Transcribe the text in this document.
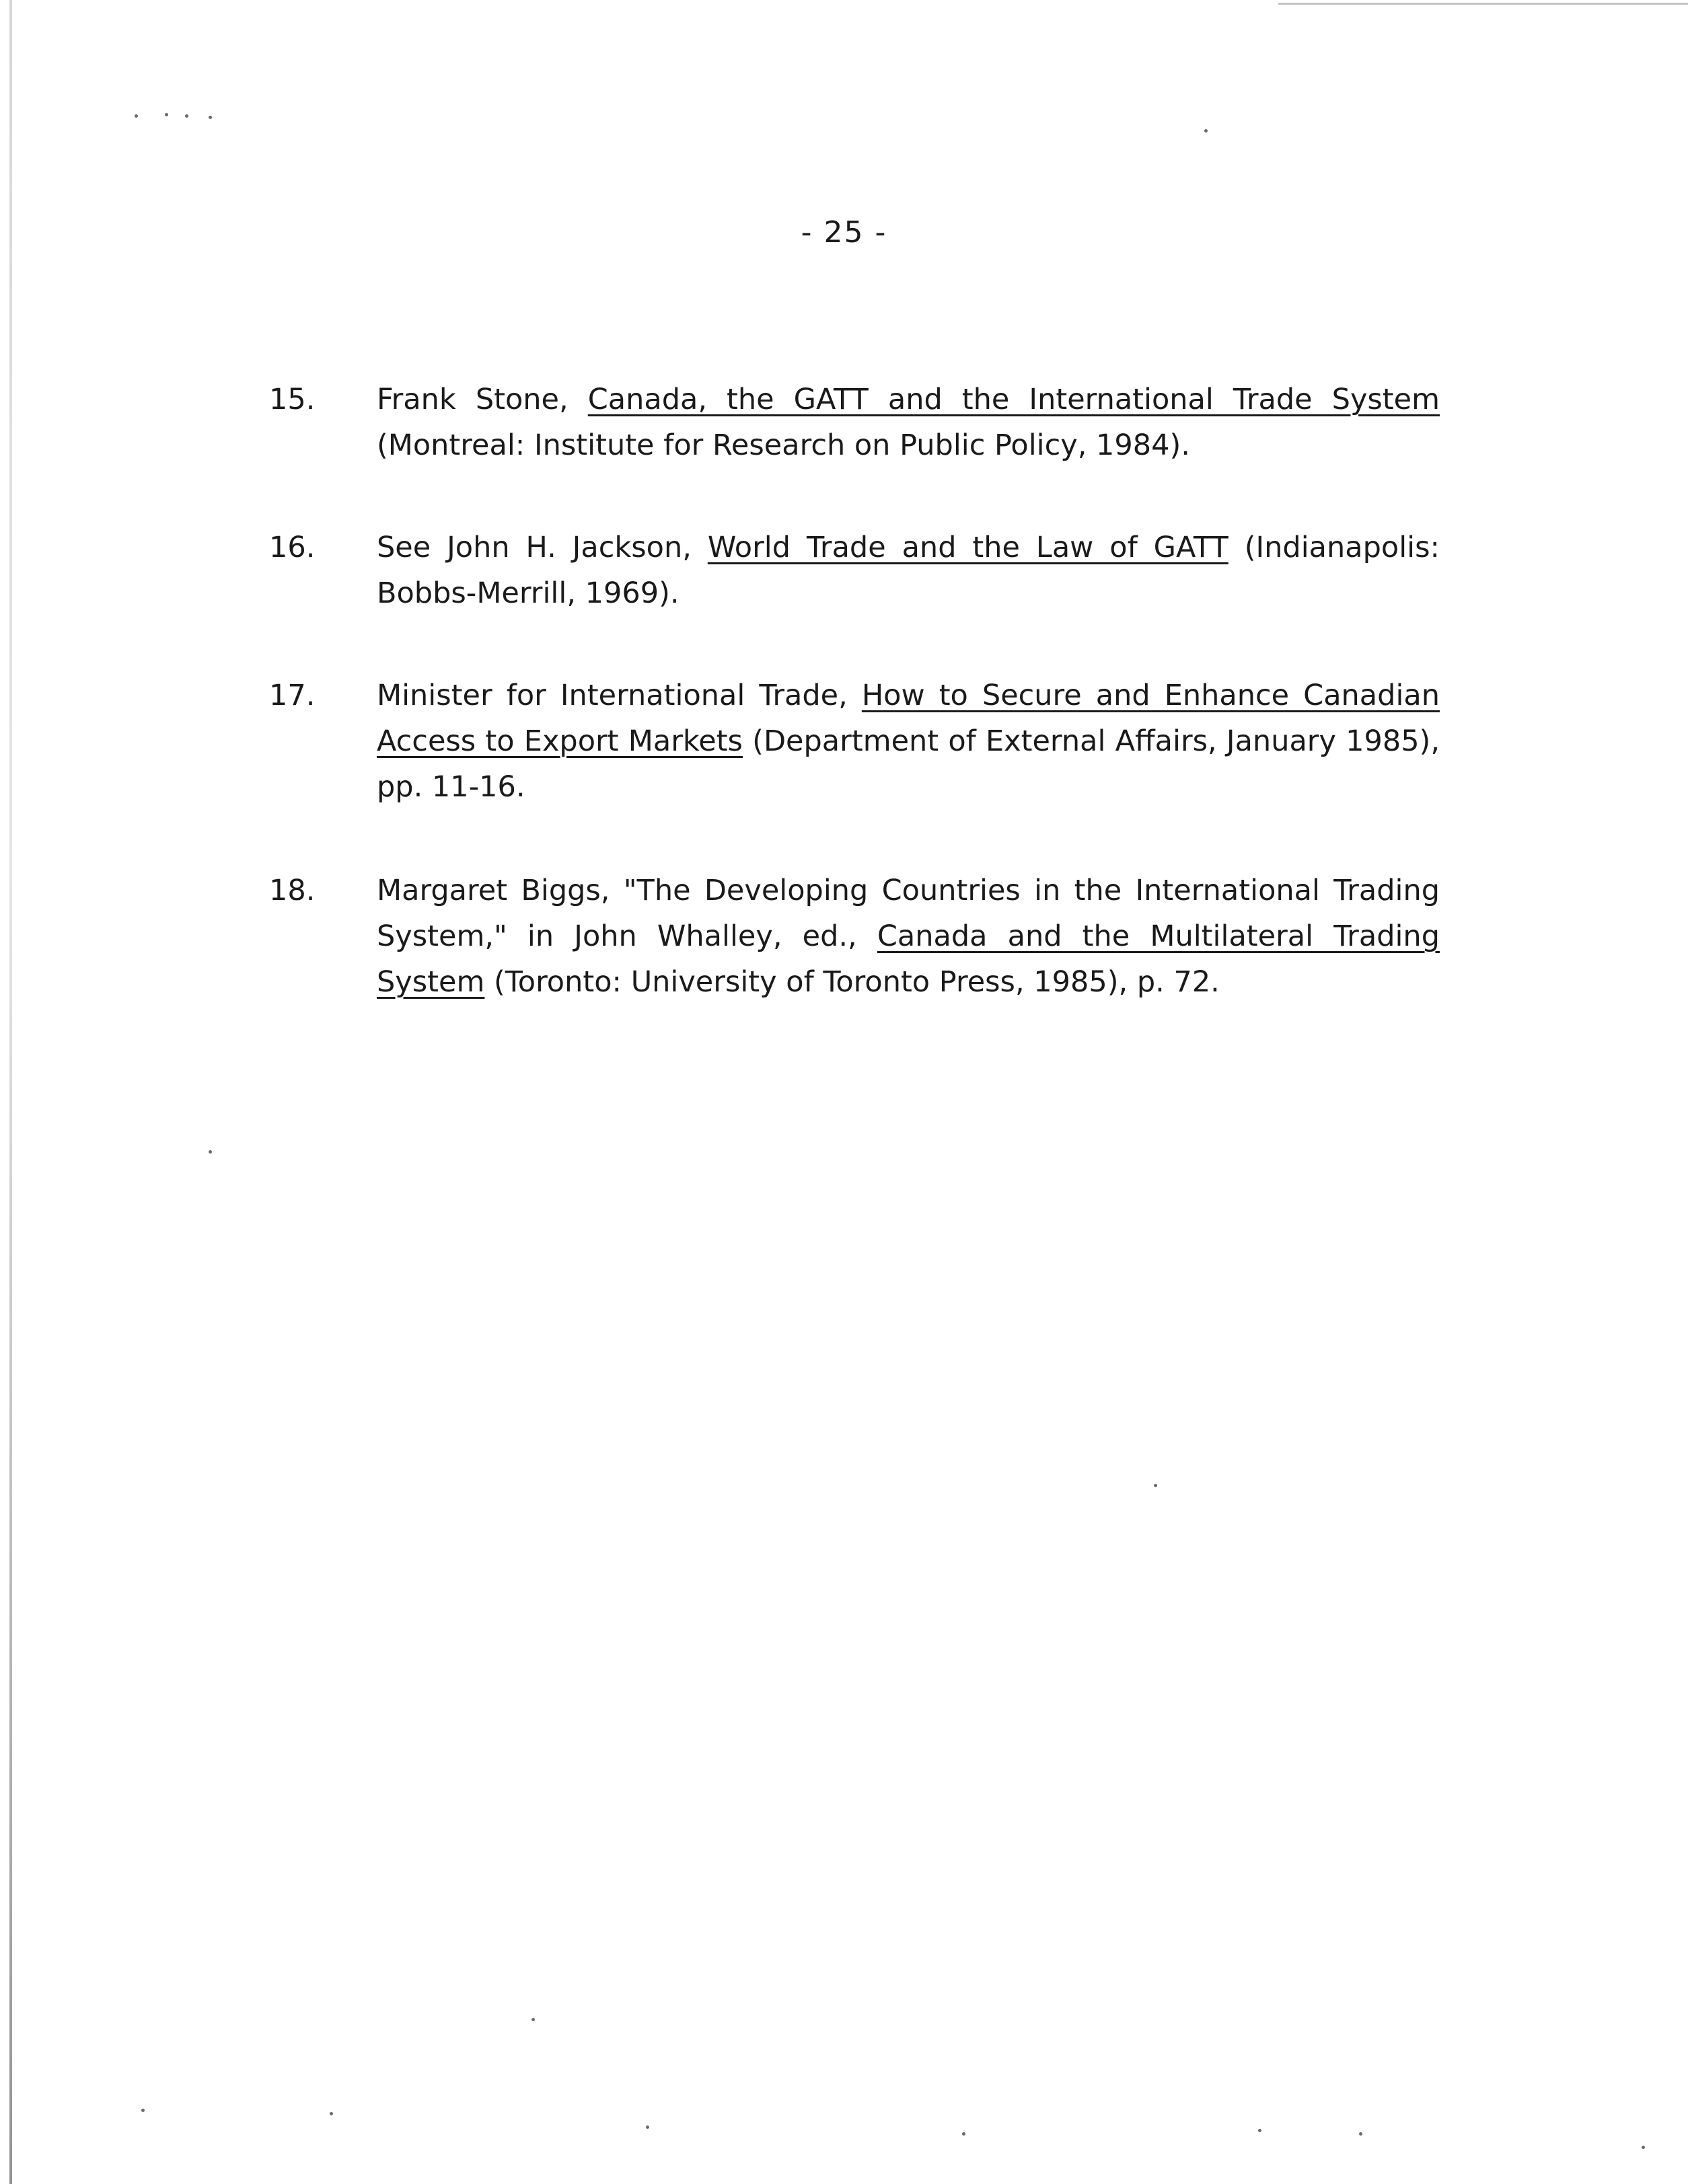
- 25 -
15.	Frank Stone, Canada, the GATT and the International Trade System (Montreal: Institute for Research on Public Policy, 1984).
16.	See John H. Jackson, World Trade and the Law of GATT (Indianapolis: Bobbs-Merrill, 1969).
17.	Minister for International Trade, How to Secure and Enhance Canadian Access to Export Markets (Department of External Affairs, January 1985), pp. 11-16.
18.	Margaret Biggs, "The Developing Countries in the International Trading System," in John Whalley, ed., Canada and the Multilateral Trading System (Toronto: University of Toronto Press, 1985), p. 72.
